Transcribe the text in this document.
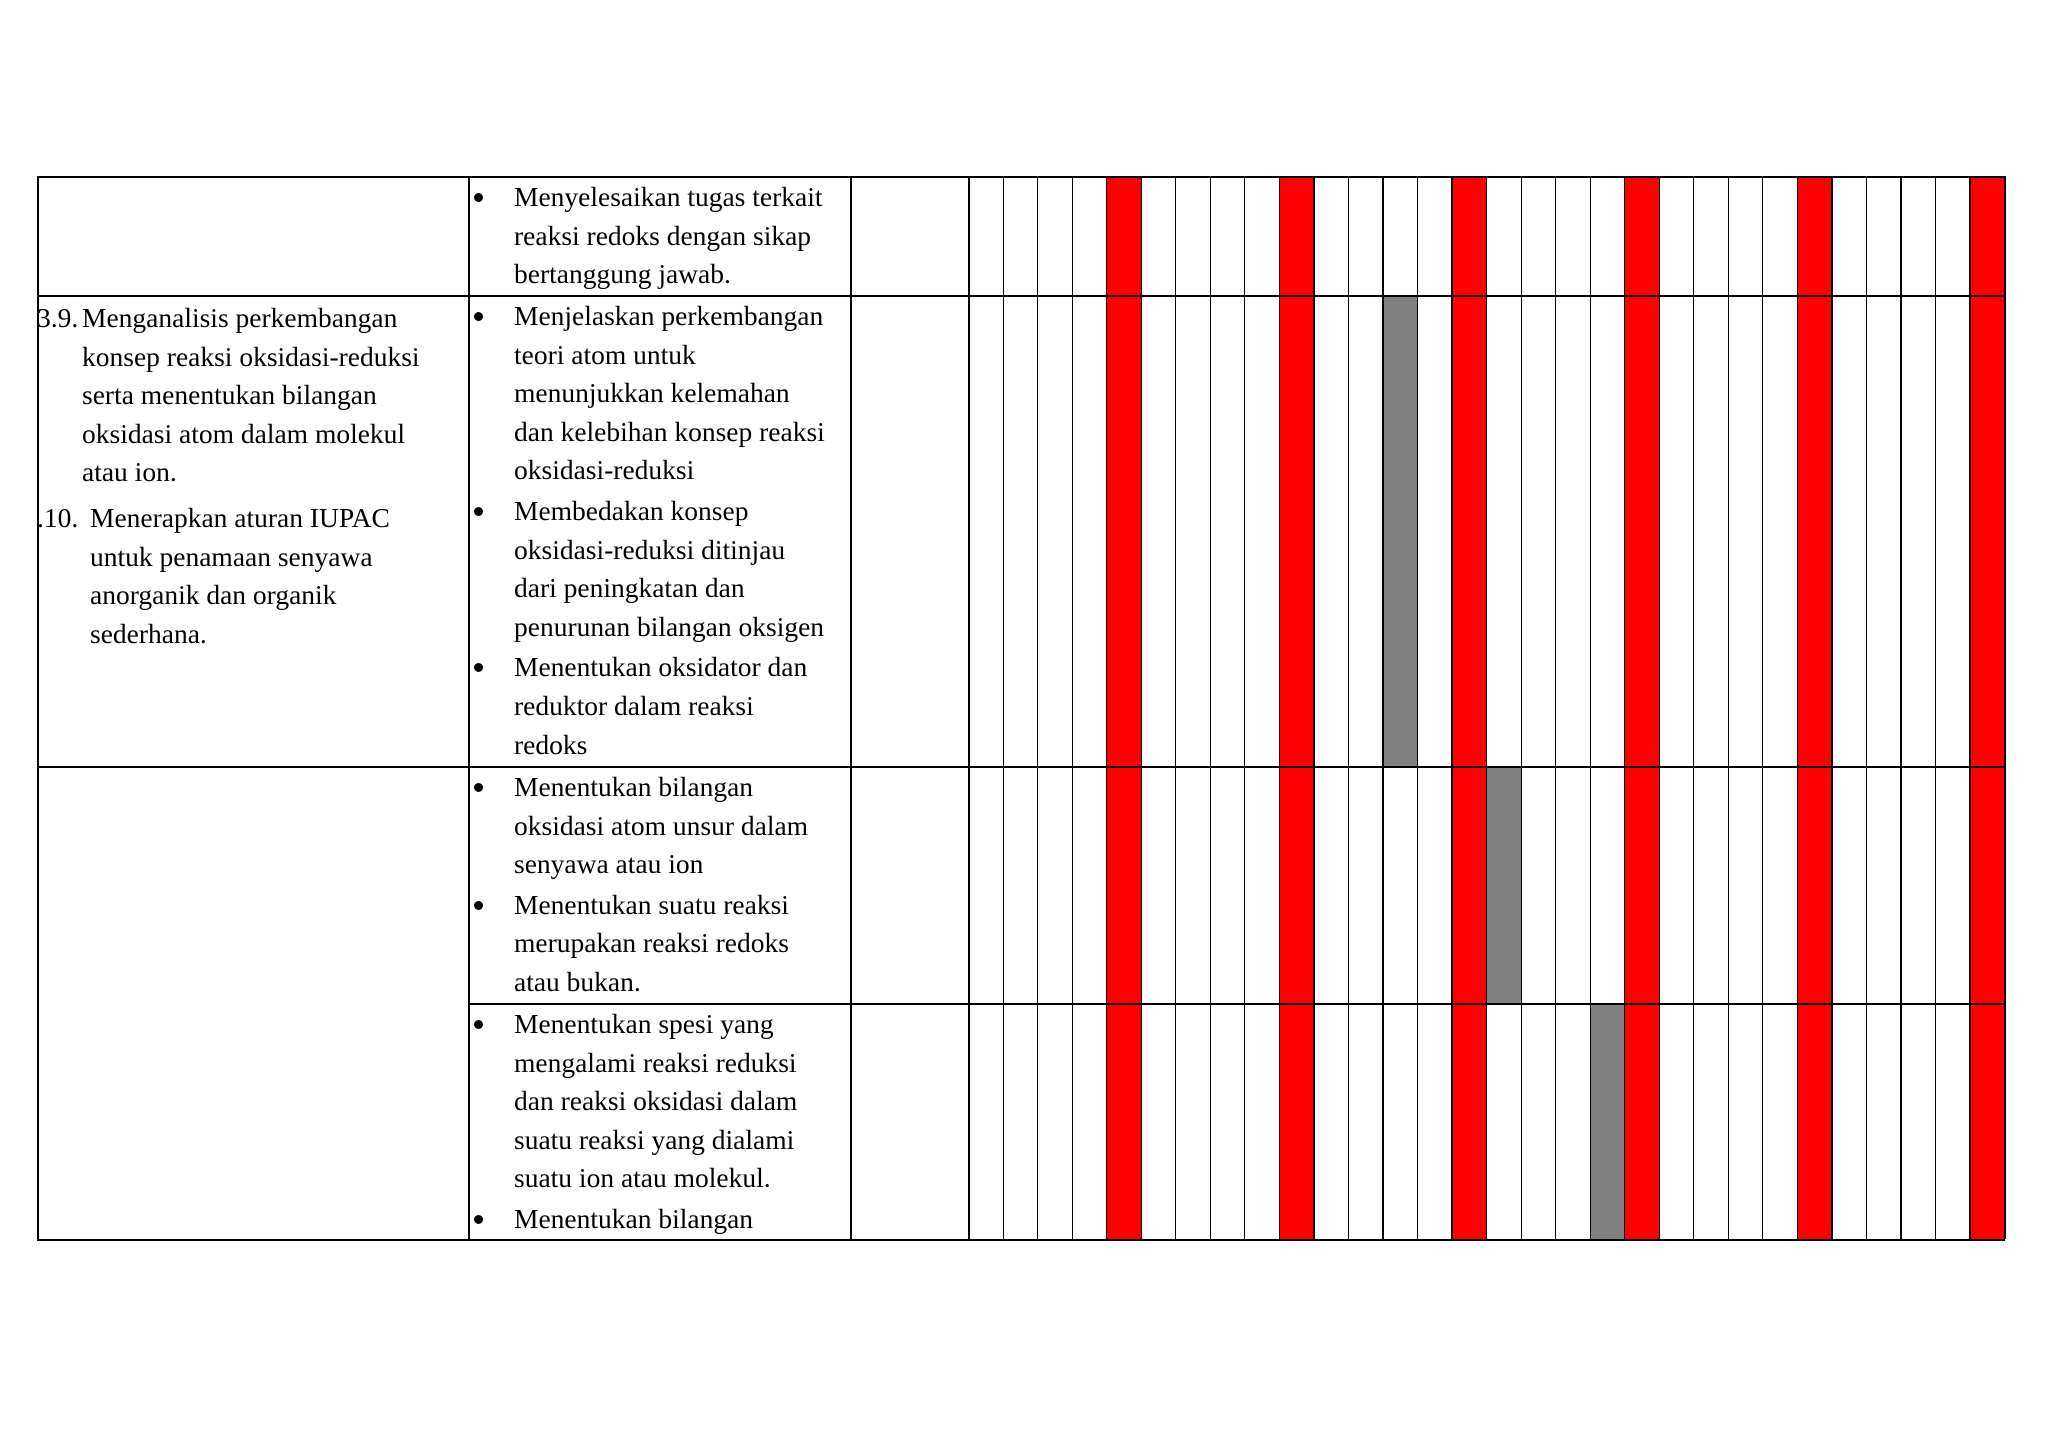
3.9. Menganalisis perkembangan
konsep reaksi oksidasi-reduksi
serta menentukan bilangan
oksidasi atom dalam molekul
atau ion.
.10. Menerapkan aturan IUPAC
untuk penamaan senyawa
anorganik dan organik
sederhana.
Menyelesaikan tugas terkait
reaksi redoks dengan sikap
bertanggung jawab.
Menjelaskan perkembangan
teori atom untuk
menunjukkan kelemahan
dan kelebihan konsep reaksi
oksidasi-reduksi
Membedakan konsep
oksidasi-reduksi ditinjau
dari peningkatan dan
penurunan bilangan oksigen
Menentukan oksidator dan
reduktor dalam reaksi
redoks
Menentukan bilangan
oksidasi atom unsur dalam
senyawa atau ion
Menentukan suatu reaksi
merupakan reaksi redoks
atau bukan.
Menentukan spesi yang
mengalami reaksi reduksi
dan reaksi oksidasi dalam
suatu reaksi yang dialami
suatu ion atau molekul.
Menentukan bilangan
